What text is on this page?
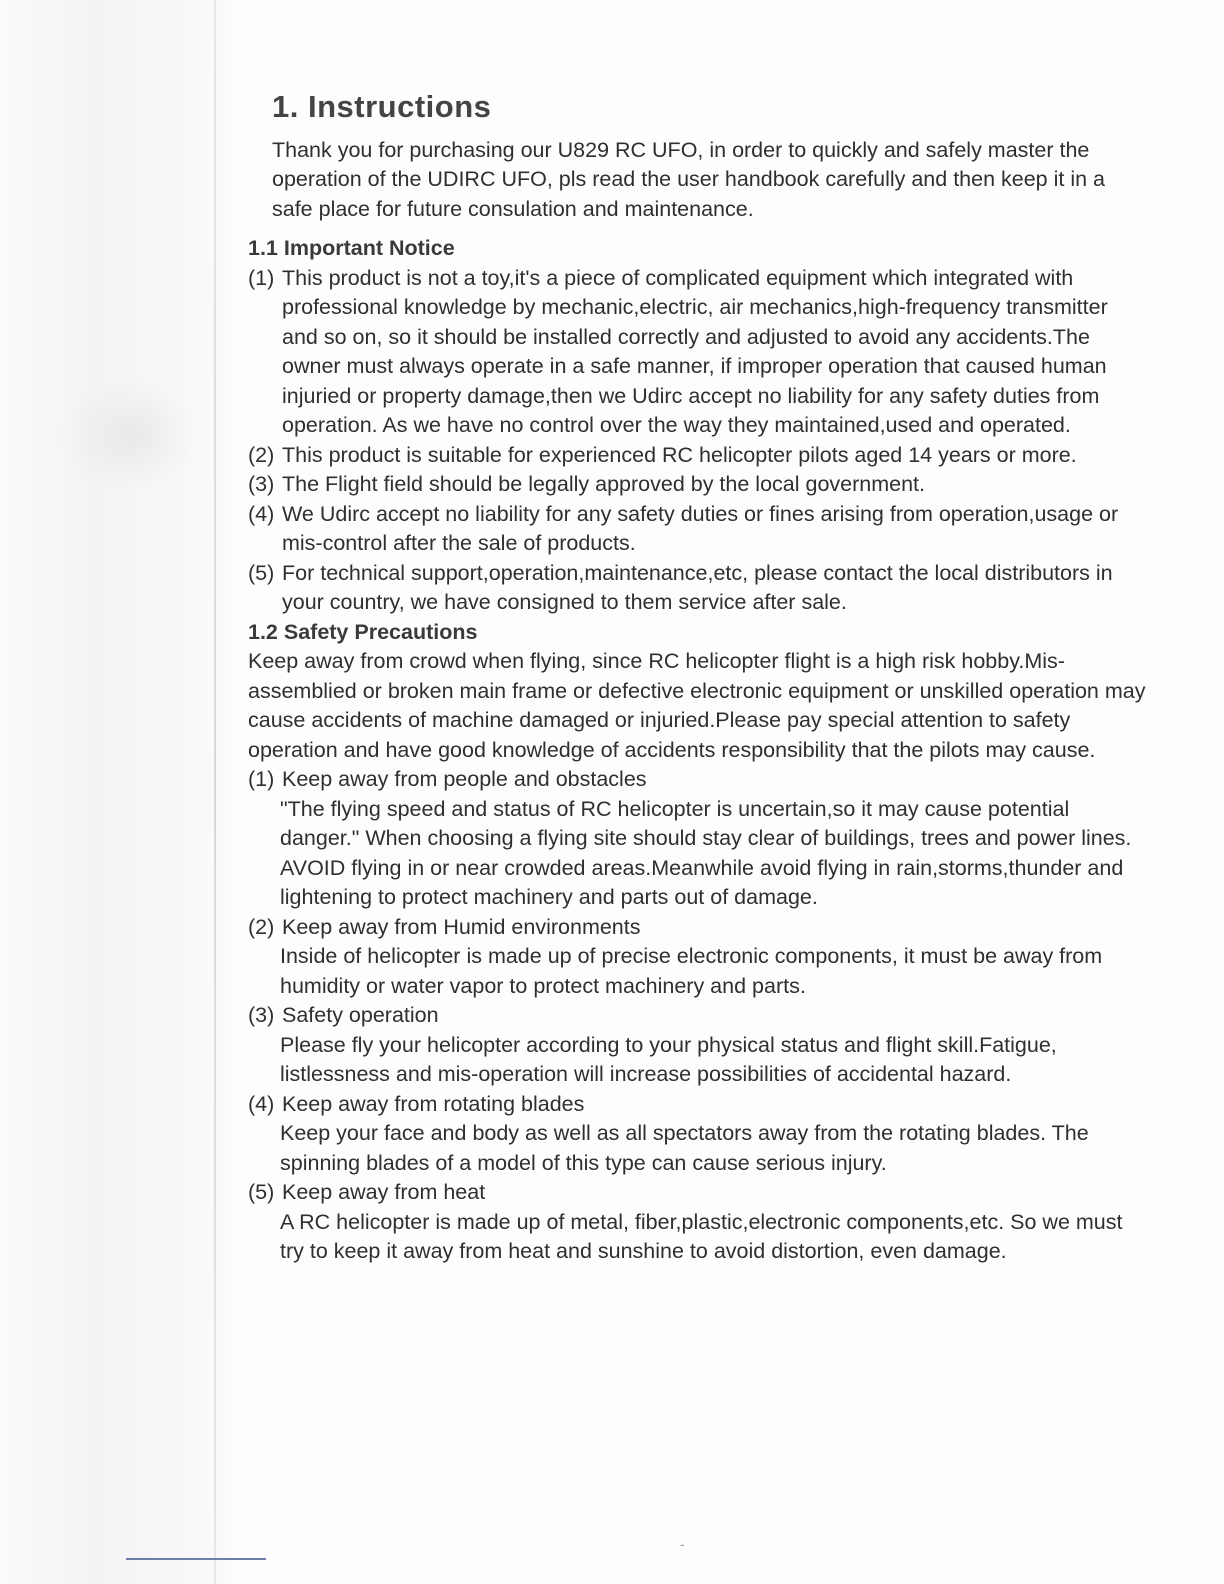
1. Instructions

Thank you for purchasing our U829 RC UFO, in order to quickly and safely master the operation of the UDIRC UFO, pls read the user handbook carefully and then keep it in a safe place for future consulation and maintenance.

1.1 Important Notice

(1) This product is not a toy,it's a piece of complicated equipment which integrated with professional knowledge by mechanic,electric, air mechanics,high-frequency transmitter and so on, so it should be installed correctly and adjusted to avoid any accidents.The owner must always operate in a safe manner, if improper operation that caused human injuried or property damage,then we Udirc accept no liability for any safety duties from operation. As we have no control over the way they maintained,used and operated.

(2) This product is suitable for experienced RC helicopter pilots aged 14 years or more.

(3) The Flight field should be legally approved by the local government.

(4) We Udirc accept no liability for any safety duties or fines arising from operation,usage or mis-control after the sale of products.

(5) For technical support,operation,maintenance,etc, please contact the local distributors in your country, we have consigned to them service after sale.

1.2 Safety Precautions

Keep away from crowd when flying, since RC helicopter flight is a high risk hobby.Mis-assemblied or broken main frame or defective electronic equipment or unskilled operation may cause accidents of machine damaged or injuried.Please pay special attention to safety operation and have good knowledge of accidents responsibility that the pilots may cause.

(1) Keep away from people and obstacles

"The flying speed and status of RC helicopter is uncertain,so it may cause potential danger." When choosing a flying site should stay clear of buildings, trees and power lines. AVOID flying in or near crowded areas.Meanwhile avoid flying in rain,storms,thunder and lightening to protect machinery and parts out of damage.

(2) Keep away from Humid environments

Inside of helicopter is made up of precise electronic components, it must be away from humidity or water vapor to protect machinery and parts.

(3) Safety operation

Please fly your helicopter according to your physical status and flight skill.Fatigue, listlessness and mis-operation will increase possibilities of accidental hazard.

(4) Keep away from rotating blades

Keep your face and body as well as all spectators away from the rotating blades. The spinning blades of a model of this type can cause serious injury.

(5) Keep away from heat

A RC helicopter is made up of metal, fiber,plastic,electronic components,etc. So we must try to keep it away from heat and sunshine to avoid distortion, even damage.

-
